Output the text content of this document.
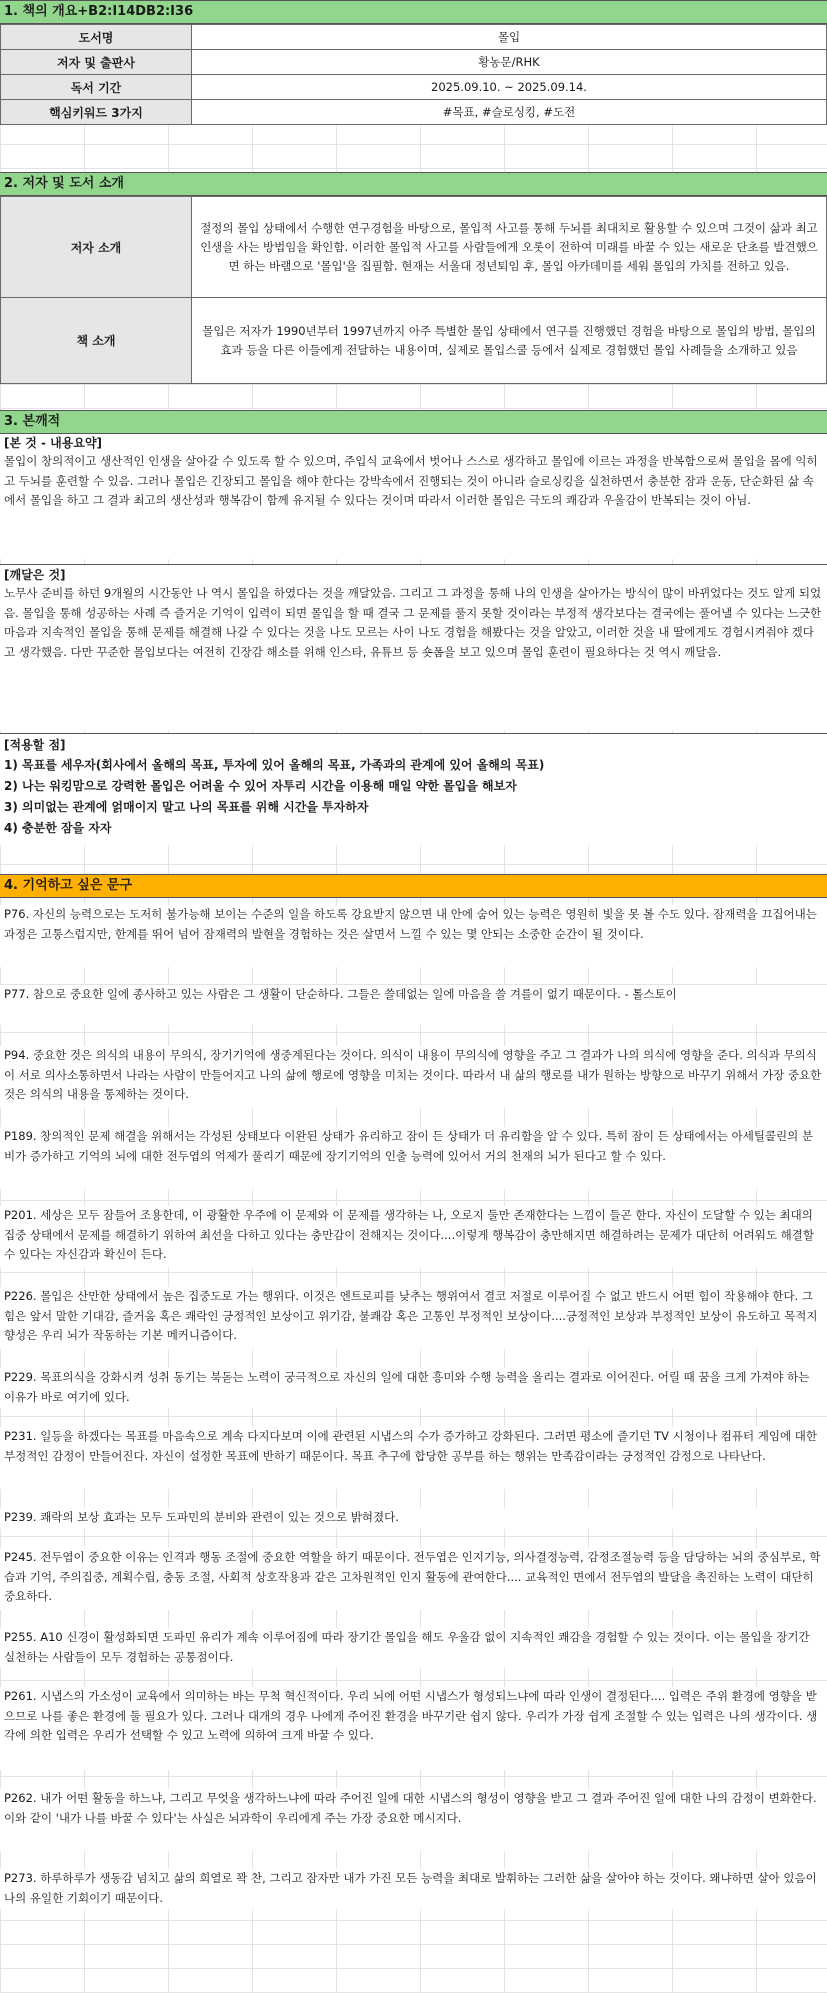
1. 책의 개요+B2:I14DB2:I36
도서명	몰입
저자 및 출판사	황농문/RHK
독서 기간	2025.09.10. ~ 2025.09.14.
핵심키워드 3가지	#목표, #슬로싱킹, #도전
2. 저자 및 도서 소개
저자 소개	절정의 몰입 상태에서 수행한 연구경험을 바탕으로, 몰입적 사고를 통해 두뇌를 최대치로 활용할 수 있으며 그것이 삶과 최고 인생을 사는 방법임을 확인함. 이러한 몰입적 사고를 사람들에게 오롯이 전하여 미래를 바꿀 수 있는 새로운 단초를 발견했으면 하는 바램으로 '몰입'을 집필함. 현재는 서울대 정년퇴임 후, 몰입 아카데미를 세워 몰입의 가치를 전하고 있음.
책 소개	몰입은 저자가 1990년부터 1997년까지 아주 특별한 몰입 상태에서 연구를 진행했던 경험을 바탕으로 몰입의 방법, 몰입의 효과 등을 다른 이들에게 전달하는 내용이며, 실제로 몰입스쿨 등에서 실제로 경험했던 몰입 사례들을 소개하고 있음
3. 본깨적
[본 것 - 내용요약]
몰입이 창의적이고 생산적인 인생을 살아갈 수 있도록 할 수 있으며, 주입식 교육에서 벗어나 스스로 생각하고 몰입에 이르는 과정을 반복함으로써 몰입을 몸에 익히고 두뇌를 훈련할 수 있음. 그러나 몰입은 긴장되고 몰입을 해야 한다는 강박속에서 진행되는 것이 아니라 슬로싱킹을 실천하면서 충분한 잠과 운동, 단순화된 삶 속에서 몰입을 하고 그 결과 최고의 생산성과 행복감이 함께 유지될 수 있다는 것이며 따라서 이러한 몰입은 극도의 쾌감과 우울감이 반복되는 것이 아님.
[깨달은 것]
노무사 준비를 하던 9개월의 시간동안 나 역시 몰입을 하였다는 것을 깨달았음. 그리고 그 과정을 통해 나의 인생을 살아가는 방식이 많이 바뀌었다는 것도 알게 되었음. 몰입을 통해 성공하는 사례 즉 즐거운 기억이 입력이 되면 몰입을 할 때 결국 그 문제를 풀지 못할 것이라는 부정적 생각보다는 결국에는 풀어낼 수 있다는 느긋한 마음과 지속적인 몰입을 통해 문제를 해결해 나갈 수 있다는 것을 나도 모르는 사이 나도 경험을 해봤다는 것을 알았고, 이러한 것을 내 딸에게도 경험시켜줘야 겠다고 생각했음. 다만 꾸준한 몰입보다는 여전히 긴장감 해소를 위해 인스타, 유튜브 등 숏폼을 보고 있으며 몰입 훈련이 필요하다는 것 역시 깨달음.
[적용할 점]
1) 목표를 세우자(회사에서 올해의 목표, 투자에 있어 올해의 목표, 가족과의 관계에 있어 올해의 목표)
2) 나는 워킹맘으로 강력한 몰입은 어려울 수 있어 자투리 시간을 이용해 매일 약한 몰입을 해보자
3) 의미없는 관계에 얽매이지 말고 나의 목표를 위해 시간을 투자하자
4) 충분한 잠을 자자
4. 기억하고 싶은 문구
P76. 자신의 능력으로는 도저히 불가능해 보이는 수준의 일을 하도록 강요받지 않으면 내 안에 숨어 있는 능력은 영원히 빛을 못 볼 수도 있다. 잠재력을 끄집어내는 과정은 고통스럽지만, 한계를 뛰어 넘어 잠재력의 발현을 경험하는 것은 살면서 느낄 수 있는 몇 안되는 소중한 순간이 될 것이다.
P77. 참으로 중요한 일에 종사하고 있는 사람은 그 생활이 단순하다. 그들은 쓸데없는 일에 마음을 쓸 겨를이 없기 때문이다. - 톨스토이
P94. 중요한 것은 의식의 내용이 무의식, 장기기억에 생중계된다는 것이다. 의식이 내용이 무의식에 영향을 주고 그 결과가 나의 의식에 영향을 준다. 의식과 무의식이 서로 의사소통하면서 나라는 사람이 만들어지고 나의 삶에 행로에 영향을 미치는 것이다. 따라서 내 삶의 행로를 내가 원하는 방향으로 바꾸기 위해서 가장 중요한 것은 의식의 내용을 통제하는 것이다.
P189. 창의적인 문제 해결을 위해서는 각성된 상태보다 이완된 상태가 유리하고 잠이 든 상태가 더 유리함을 알 수 있다. 특히 잠이 든 상태에서는 아세틸콜린의 분비가 증가하고 기억의 뇌에 대한 전두엽의 억제가 풀리기 때문에 장기기억의 인출 능력에 있어서 거의 천재의 뇌가 된다고 할 수 있다.
P201. 세상은 모두 잠들어 조용한데, 이 광활한 우주에 이 문제와 이 문제를 생각하는 나, 오로지 둘만 존재한다는 느낌이 들곤 한다. 자신이 도달할 수 있는 최대의 집중 상태에서 문제를 해결하기 위하여 최선을 다하고 있다는 충만감이 전해지는 것이다....이렇게 행복감이 충만해지면 해결하려는 문제가 대단히 어려워도 해결할 수 있다는 자신감과 확신이 든다.
P226. 몰입은 산만한 상태에서 높은 집중도로 가는 행위다. 이것은 엔트로피를 낮추는 행위여서 결코 저절로 이루어질 수 없고 반드시 어떤 힘이 작용해야 한다. 그 힘은 앞서 말한 기대감, 즐거움 혹은 쾌락인 긍정적인 보상이고 위기감, 불쾌감 혹은 고통인 부정적인 보상이다....긍정적인 보상과 부정적인 보상이 유도하고 목적지향성은 우리 뇌가 작동하는 기본 메커니즘이다.
P229. 목표의식을 강화시켜 성취 동기는 북돋는 노력이 궁극적으로 자신의 일에 대한 흥미와 수행 능력을 올리는 결과로 이어진다. 어릴 때 꿈을 크게 가져야 하는 이유가 바로 여기에 있다.
P231. 일등을 하겠다는 목표를 마음속으로 계속 다지다보며 이에 관련된 시냅스의 수가 증가하고 강화된다. 그러면 평소에 즐기던 TV 시청이나 컴퓨터 게임에 대한 부정적인 감정이 만들어진다. 자신이 설정한 목표에 반하기 때문이다. 목표 추구에 합당한 공부를 하는 행위는 만족감이라는 긍정적인 감정으로 나타난다.
P239. 쾌락의 보상 효과는 모두 도파민의 분비와 관련이 있는 것으로 밝혀졌다.
P245. 전두엽이 중요한 이유는 인격과 행동 조절에 중요한 역할을 하기 때문이다. 전두엽은 인지기능, 의사결정능력, 감정조절능력 등을 담당하는 뇌의 중심부로, 학습과 기억, 주의집중, 계획수립, 충동 조절, 사회적 상호작용과 같은 고차원적인 인지 활동에 관여한다.... 교육적인 면에서 전두엽의 발달을 촉진하는 노력이 대단히 중요하다.
P255. A10 신경이 활성화되면 도파민 유리가 계속 이루어짐에 따라 장기간 몰입을 해도 우울감 없이 지속적인 쾌감을 경험할 수 있는 것이다. 이는 몰입을 장기간 실천하는 사람들이 모두 경험하는 공통점이다.
P261. 시냅스의 가소성이 교육에서 의미하는 바는 무척 혁신적이다. 우리 뇌에 어떤 시냅스가 형성되느냐에 따라 인생이 결정된다.... 입력은 주위 환경에 영향을 받으므로 나를 좋은 환경에 둘 필요가 있다. 그러나 대개의 경우 나에게 주어진 환경을 바꾸기란 쉽지 않다. 우리가 가장 쉽게 조절할 수 있는 입력은 나의 생각이다. 생각에 의한 입력은 우리가 선택할 수 있고 노력에 의하여 크게 바꿀 수 있다.
P262. 내가 어떤 활동을 하느냐, 그리고 무엇을 생각하느냐에 따라 주어진 일에 대한 시냅스의 형성이 영향을 받고 그 결과 주어진 일에 대한 나의 감정이 변화한다. 이와 같이 '내가 나를 바꿀 수 있다'는 사실은 뇌과학이 우리에게 주는 가장 중요한 메시지다.
P273. 하루하루가 생동감 넘치고 삶의 희열로 꽉 찬, 그리고 잠자만 내가 가진 모든 능력을 최대로 발휘하는 그러한 삶을 살아야 하는 것이다. 왜냐하면 살아 있음이 나의 유일한 기회이기 때문이다.
